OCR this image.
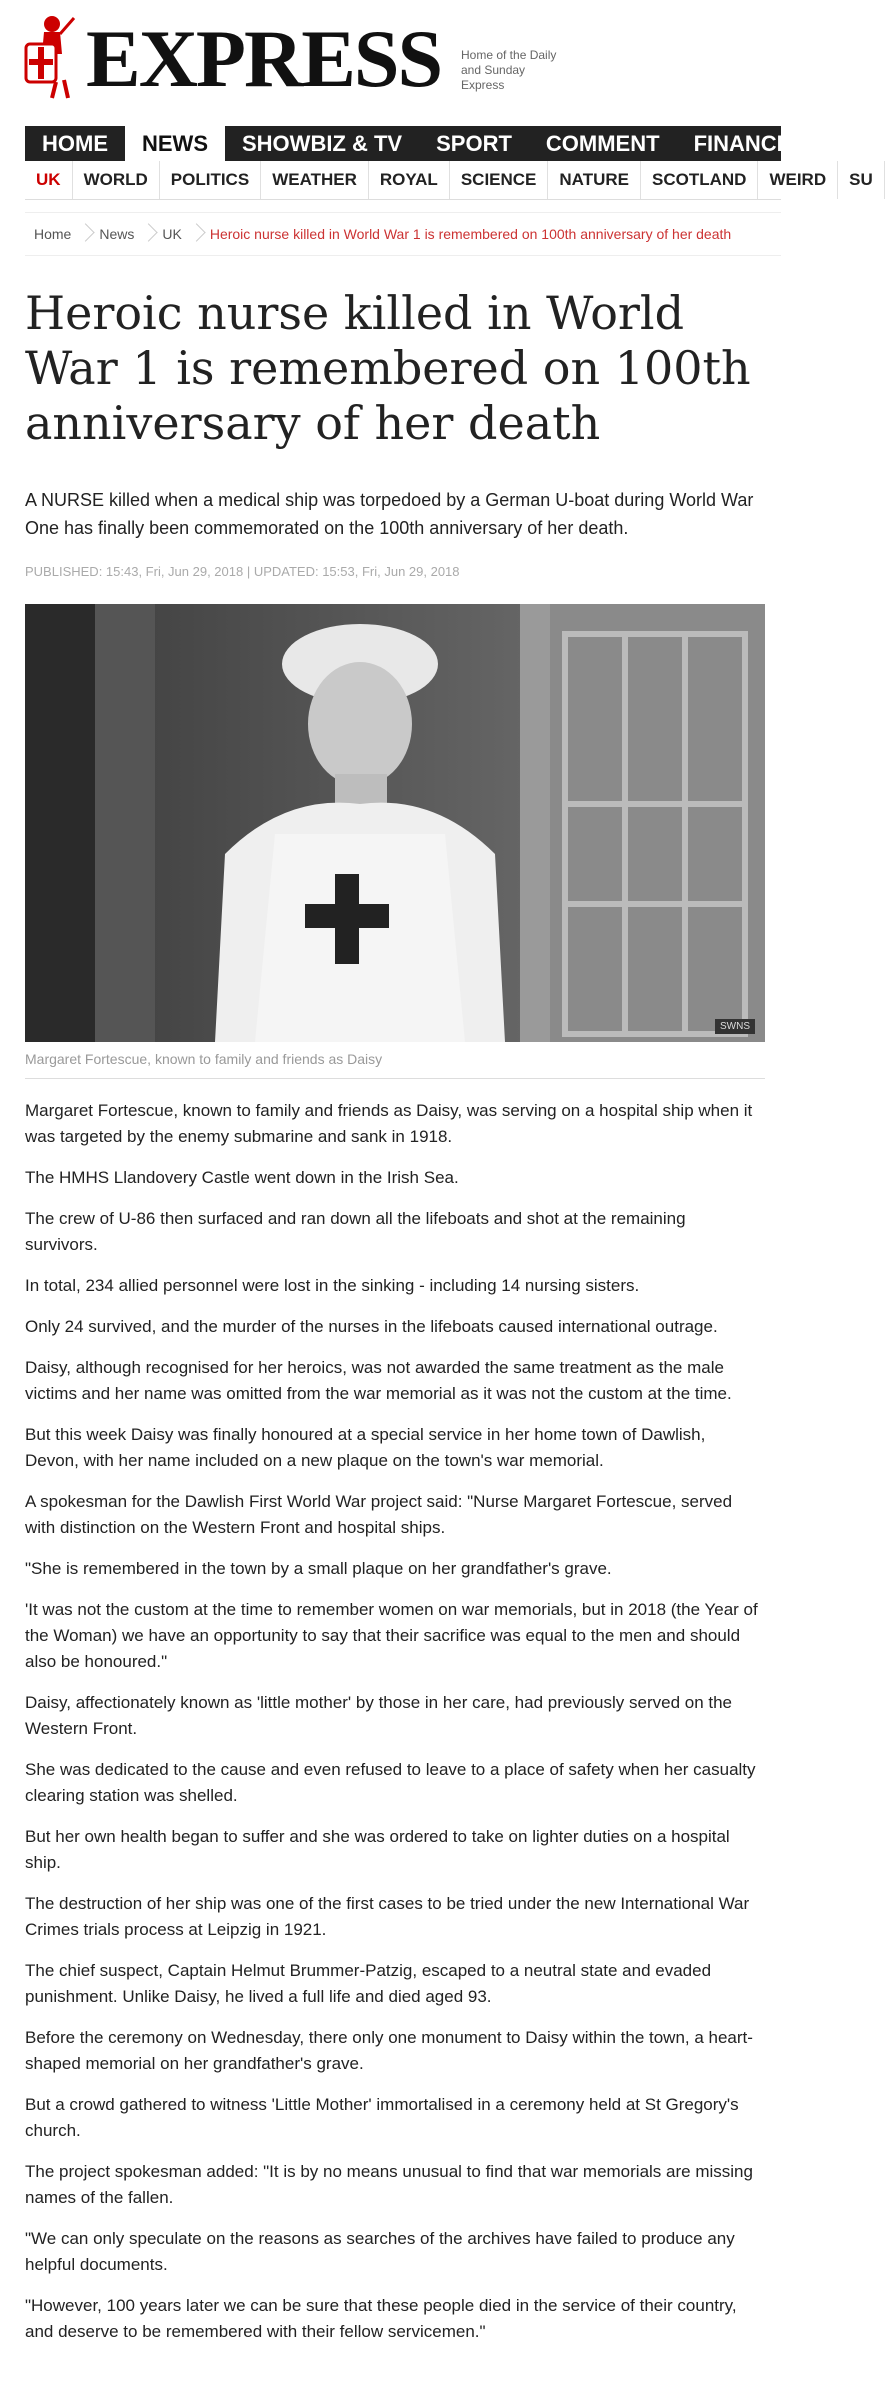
EXPRESS Home of the Daily and Sunday Express
HOME NEWS SHOWBIZ & TV SPORT COMMENT FINANCE TR
UK WORLD POLITICS WEATHER ROYAL SCIENCE NATURE SCOTLAND WEIRD SU
Home News UK Heroic nurse killed in World War 1 is remembered on 100th anniversary of her death
Heroic nurse killed in World War 1 is remembered on 100th anniversary of her death

A NURSE killed when a medical ship was torpedoed by a German U-boat during World War One has finally been commemorated on the 100th anniversary of her death.

PUBLISHED: 15:43, Fri, Jun 29, 2018 | UPDATED: 15:53, Fri, Jun 29, 2018
SWNS
Margaret Fortescue, known to family and friends as Daisy

Margaret Fortescue, known to family and friends as Daisy, was serving on a hospital ship when it was targeted by the enemy submarine and sank in 1918.

The HMHS Llandovery Castle went down in the Irish Sea.

The crew of U-86 then surfaced and ran down all the lifeboats and shot at the remaining survivors.

In total, 234 allied personnel were lost in the sinking - including 14 nursing sisters.

Only 24 survived, and the murder of the nurses in the lifeboats caused international outrage.

Daisy, although recognised for her heroics, was not awarded the same treatment as the male victims and her name was omitted from the war memorial as it was not the custom at the time.

But this week Daisy was finally honoured at a special service in her home town of Dawlish, Devon, with her name included on a new plaque on the town's war memorial.

A spokesman for the Dawlish First World War project said: "Nurse Margaret Fortescue, served with distinction on the Western Front and hospital ships.

"She is remembered in the town by a small plaque on her grandfather's grave.

'It was not the custom at the time to remember women on war memorials, but in 2018 (the Year of the Woman) we have an opportunity to say that their sacrifice was equal to the men and should also be honoured."

Daisy, affectionately known as 'little mother' by those in her care, had previously served on the Western Front.

She was dedicated to the cause and even refused to leave to a place of safety when her casualty clearing station was shelled.

But her own health began to suffer and she was ordered to take on lighter duties on a hospital ship.

The destruction of her ship was one of the first cases to be tried under the new International War Crimes trials process at Leipzig in 1921.

The chief suspect, Captain Helmut Brummer-Patzig, escaped to a neutral state and evaded punishment. Unlike Daisy, he lived a full life and died aged 93.

Before the ceremony on Wednesday, there only one monument to Daisy within the town, a heart-shaped memorial on her grandfather's grave.

But a crowd gathered to witness 'Little Mother' immortalised in a ceremony held at St Gregory's church.

The project spokesman added: "It is by no means unusual to find that war memorials are missing names of the fallen.

"We can only speculate on the reasons as searches of the archives have failed to produce any helpful documents.

"However, 100 years later we can be sure that these people died in the service of their country, and deserve to be remembered with their fellow servicemen."
